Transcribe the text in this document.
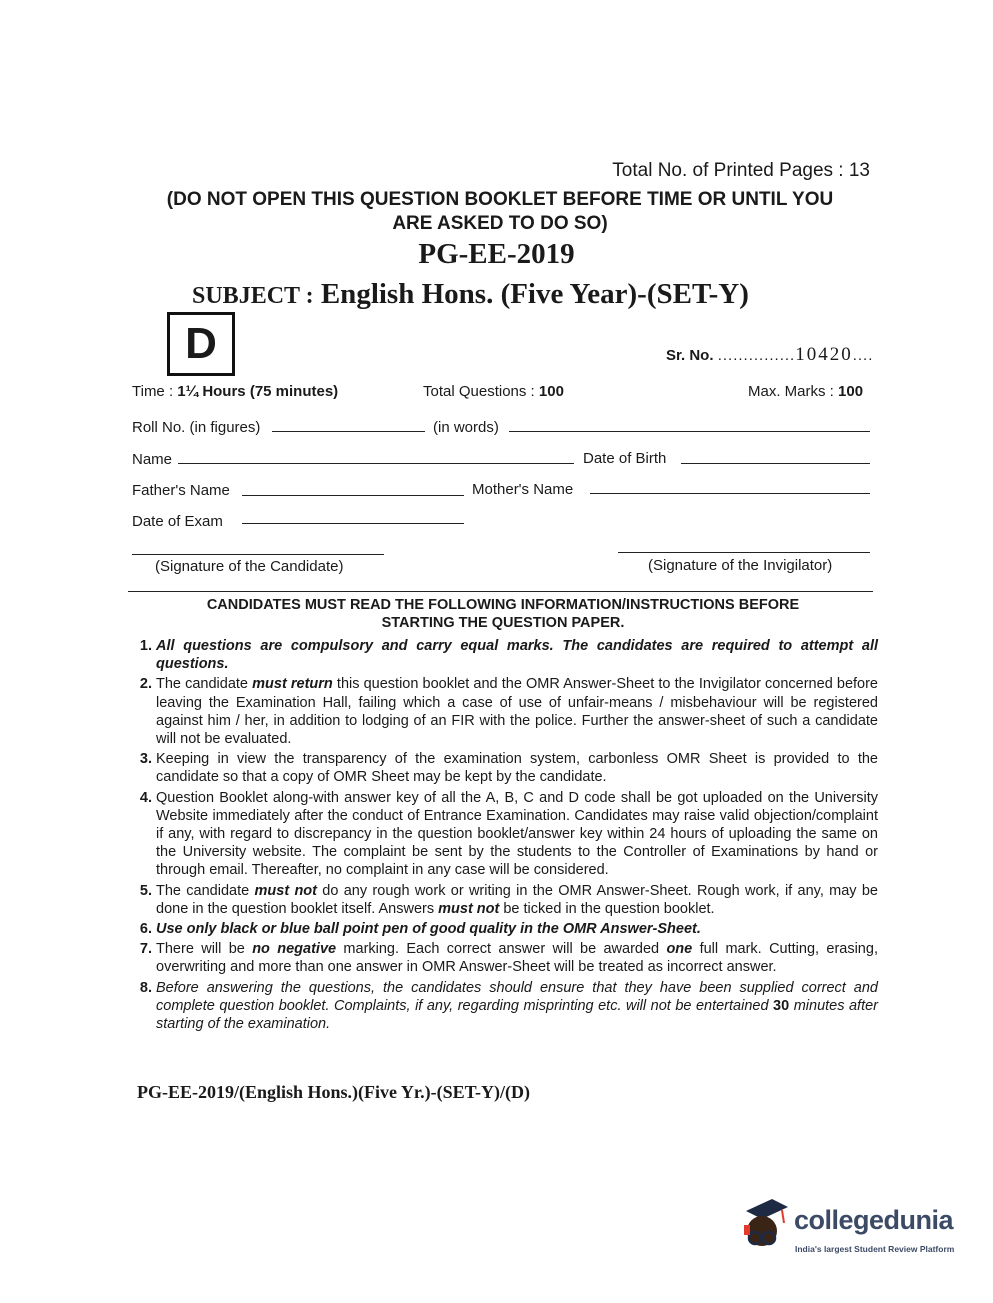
Total No. of Printed Pages : 13
(DO NOT OPEN THIS QUESTION BOOKLET BEFORE TIME OR UNTIL YOU
ARE ASKED TO DO SO)
PG-EE-2019
SUBJECT : English Hons. (Five Year)-(SET-Y)
D	Sr. No. ...............10420....
Time : 1¼ Hours (75 minutes)	Total Questions : 100	Max. Marks : 100
Roll No. (in figures)	(in words)
Name	Date of Birth
Father's Name	Mother's Name
Date of Exam
(Signature of the Candidate)	(Signature of the Invigilator)
CANDIDATES MUST READ THE FOLLOWING INFORMATION/INSTRUCTIONS BEFORE
STARTING THE QUESTION PAPER.
1. All questions are compulsory and carry equal marks. The candidates are required to attempt all questions.
2. The candidate must return this question booklet and the OMR Answer-Sheet to the Invigilator concerned before leaving the Examination Hall, failing which a case of use of unfair-means / misbehaviour will be registered against him / her, in addition to lodging of an FIR with the police. Further the answer-sheet of such a candidate will not be evaluated.
3. Keeping in view the transparency of the examination system, carbonless OMR Sheet is provided to the candidate so that a copy of OMR Sheet may be kept by the candidate.
4. Question Booklet along-with answer key of all the A, B, C and D code shall be got uploaded on the University Website immediately after the conduct of Entrance Examination. Candidates may raise valid objection/complaint if any, with regard to discrepancy in the question booklet/answer key within 24 hours of uploading the same on the University website. The complaint be sent by the students to the Controller of Examinations by hand or through email. Thereafter, no complaint in any case will be considered.
5. The candidate must not do any rough work or writing in the OMR Answer-Sheet. Rough work, if any, may be done in the question booklet itself. Answers must not be ticked in the question booklet.
6. Use only black or blue ball point pen of good quality in the OMR Answer-Sheet.
7. There will be no negative marking. Each correct answer will be awarded one full mark. Cutting, erasing, overwriting and more than one answer in OMR Answer-Sheet will be treated as incorrect answer.
8. Before answering the questions, the candidates should ensure that they have been supplied correct and complete question booklet. Complaints, if any, regarding misprinting etc. will not be entertained 30 minutes after starting of the examination.
PG-EE-2019/(English Hons.)(Five Yr.)-(SET-Y)/(D)
collegedunia
India's largest Student Review Platform
